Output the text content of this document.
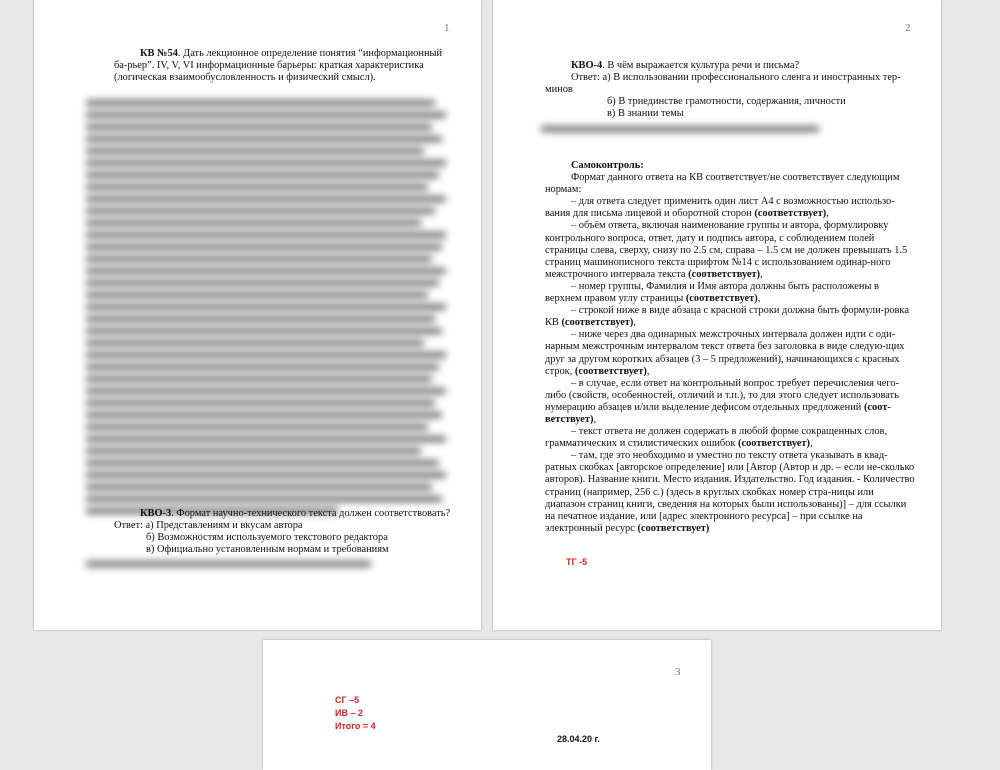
1

КВ №54. Дать лекционное определение понятия “информационный ба-рьер”. IV, V, VI информационные барьеры: краткая характеристика (логическая взаимообусловленность и физический смысл).

КВО-3. Формат научно-технического текста должен соответствовать?

Ответ: а) Представлениям и вкусам автора

б) Возможностям используемого текстового редактора

в) Официально установленным нормам и требованиям

2

КВО-4. В чём выражается культура речи и письма?

Ответ: а) В использовании профессионального сленга и иностранных тер-минов

б) В триединстве грамотности, содержания, личности

в) В знании темы

Самоконтроль:

Формат данного ответа на КВ соответствует/не соответствует следующим нормам:

– для ответа следует применить один лист А4 с возможностью использо-вания для письма лицевой и оборотной сторон (соответствует),

– объём ответа, включая наименование группы и автора, формулировку контрольного вопроса, ответ, дату и подпись автора, с соблюдением полей страницы слева, сверху, снизу по 2.5 см, справа – 1.5 см не должен превышать 1.5 страниц машинописного текста шрифтом №14 с использованием одинар-ного межстрочного интервала текста (соответствует),

– номер группы, Фамилия и Имя автора должны быть расположены в верхнем правом углу страницы (соответствует),

– строкой ниже в виде абзаца с красной строки должна быть формули-ровка КВ (соответствует),

– ниже через два одинарных межстрочных интервала должен идти с оди-нарным межстрочным интервалом текст ответа без заголовка в виде следую-щих друг за другом коротких абзацев (3 – 5 предложений), начинающихся с красных строк, (соответствует),

– в случае, если ответ на контрольный вопрос требует перечисления чего-либо (свойств, особенностей, отличий и т.п.), то для этого следует использовать нумерацию абзацев и/или выделение дефисом отдельных предложений (соот-ветствует),

– текст ответа не должен содержать в любой форме сокращенных слов, грамматических и стилистических ошибок (соответствует),

– там, где это необходимо и уместно по тексту ответа указывать в квад-ратных скобках [авторское определение] или [Автор (Автор и др. – если не-сколько авторов). Название книги. Место издания. Издательство. Год издания. - Количество страниц (например, 256 с.) (здесь в круглых скобках номер стра-ницы или диапазон страниц книги, сведения на которых были использованы)] – для ссылки на печатное издание, или [адрес электронного ресурса] – при ссылке на электронный ресурс (соответствует)

ТГ -5
3
СГ –5
ИВ – 2
Итого = 4
28.04.20 г.
